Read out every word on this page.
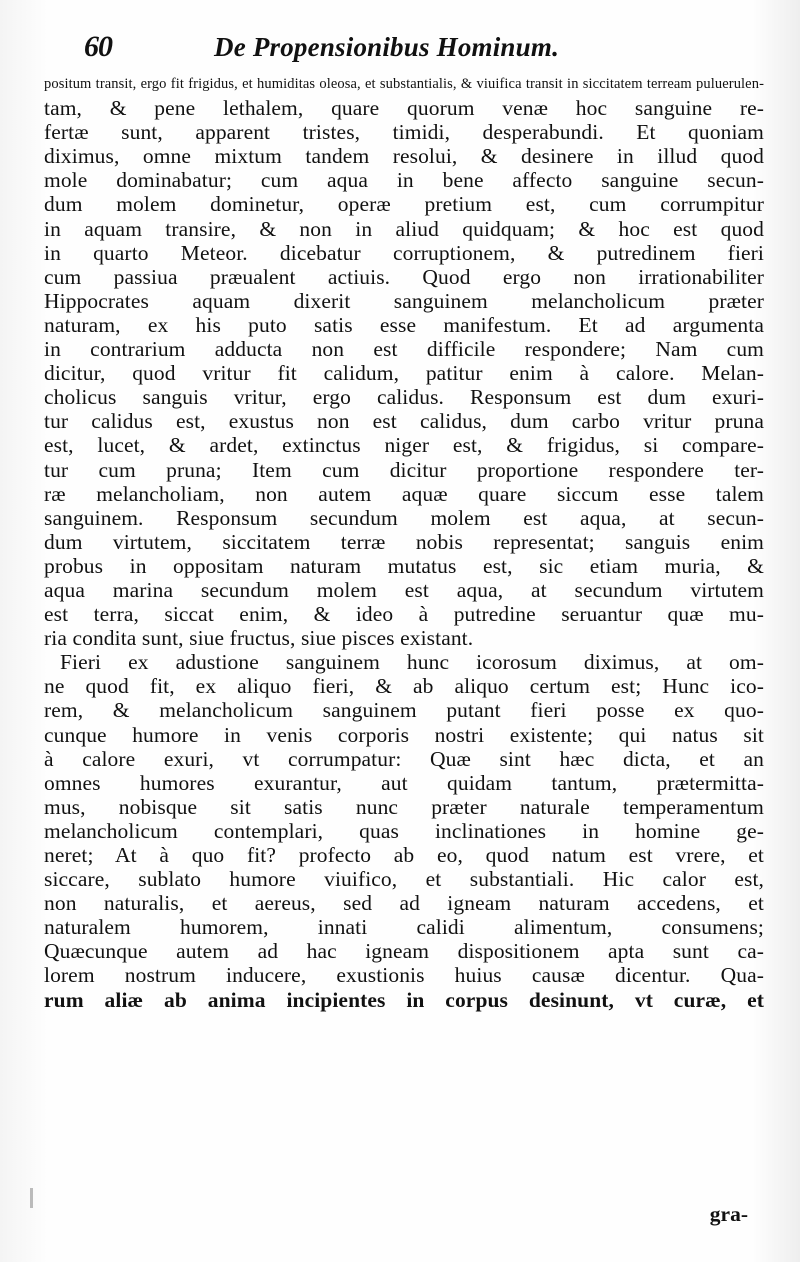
60	De Propensionibus Hominum.
positum transit, ergo fit frigidus, et humiditas oleosa, et substantialis, & viuifica transit in siccitatem terream puluerulen-
tam, & pene lethalem, quare quorum venæ hoc sanguine re-
fertæ sunt, apparent tristes, timidi, desperabundi. Et quoniam
diximus, omne mixtum tandem resolui, & desinere in illud quod
mole dominabatur; cum aqua in bene affecto sanguine secun-
dum molem dominetur, operæ pretium est, cum corrumpitur
in aquam transire, & non in aliud quidquam; & hoc est quod
in quarto Meteor. dicebatur corruptionem, & putredinem fieri
cum passiua præualent actiuis. Quod ergo non irrationabiliter
Hippocrates aquam dixerit sanguinem melancholicum præter
naturam, ex his puto satis esse manifestum. Et ad argumenta
in contrarium adducta non est difficile respondere; Nam cum
dicitur, quod vritur fit calidum, patitur enim à calore. Melan-
cholicus sanguis vritur, ergo calidus. Responsum est dum exuri-
tur calidus est, exustus non est calidus, dum carbo vritur pruna
est, lucet, & ardet, extinctus niger est, & frigidus, si compare-
tur cum pruna; Item cum dicitur proportione respondere ter-
ræ melancholiam, non autem aquæ quare siccum esse talem
sanguinem. Responsum secundum molem est aqua, at secun-
dum virtutem, siccitatem terræ nobis representat; sanguis enim
probus in oppositam naturam mutatus est, sic etiam muria, &
aqua marina secundum molem est aqua, at secundum virtutem
est terra, siccat enim, & ideo à putredine seruantur quæ mu-
ria condita sunt, siue fructus, siue pisces existant.
Fieri ex adustione sanguinem hunc icorosum diximus, at om-
ne quod fit, ex aliquo fieri, & ab aliquo certum est; Hunc ico-
rem, & melancholicum sanguinem putant fieri posse ex quo-
cunque humore in venis corporis nostri existente; qui natus sit
à calore exuri, vt corrumpatur: Quæ sint hæc dicta, et an
omnes humores exurantur, aut quidam tantum, prætermitta-
mus, nobisque sit satis nunc præter naturale temperamentum
melancholicum contemplari, quas inclinationes in homine ge-
neret; At à quo fit? profecto ab eo, quod natum est vrere, et
siccare, sublato humore viuifico, et substantiali. Hic calor est,
non naturalis, et aereus, sed ad igneam naturam accedens, et
naturalem humorem, innati calidi alimentum, consumens;
Quæcunque autem ad hac igneam dispositionem apta sunt ca-
lorem nostrum inducere, exustionis huius causæ dicentur. Qua-
rum aliæ ab anima incipientes in corpus desinunt, vt curæ, et
gra-
